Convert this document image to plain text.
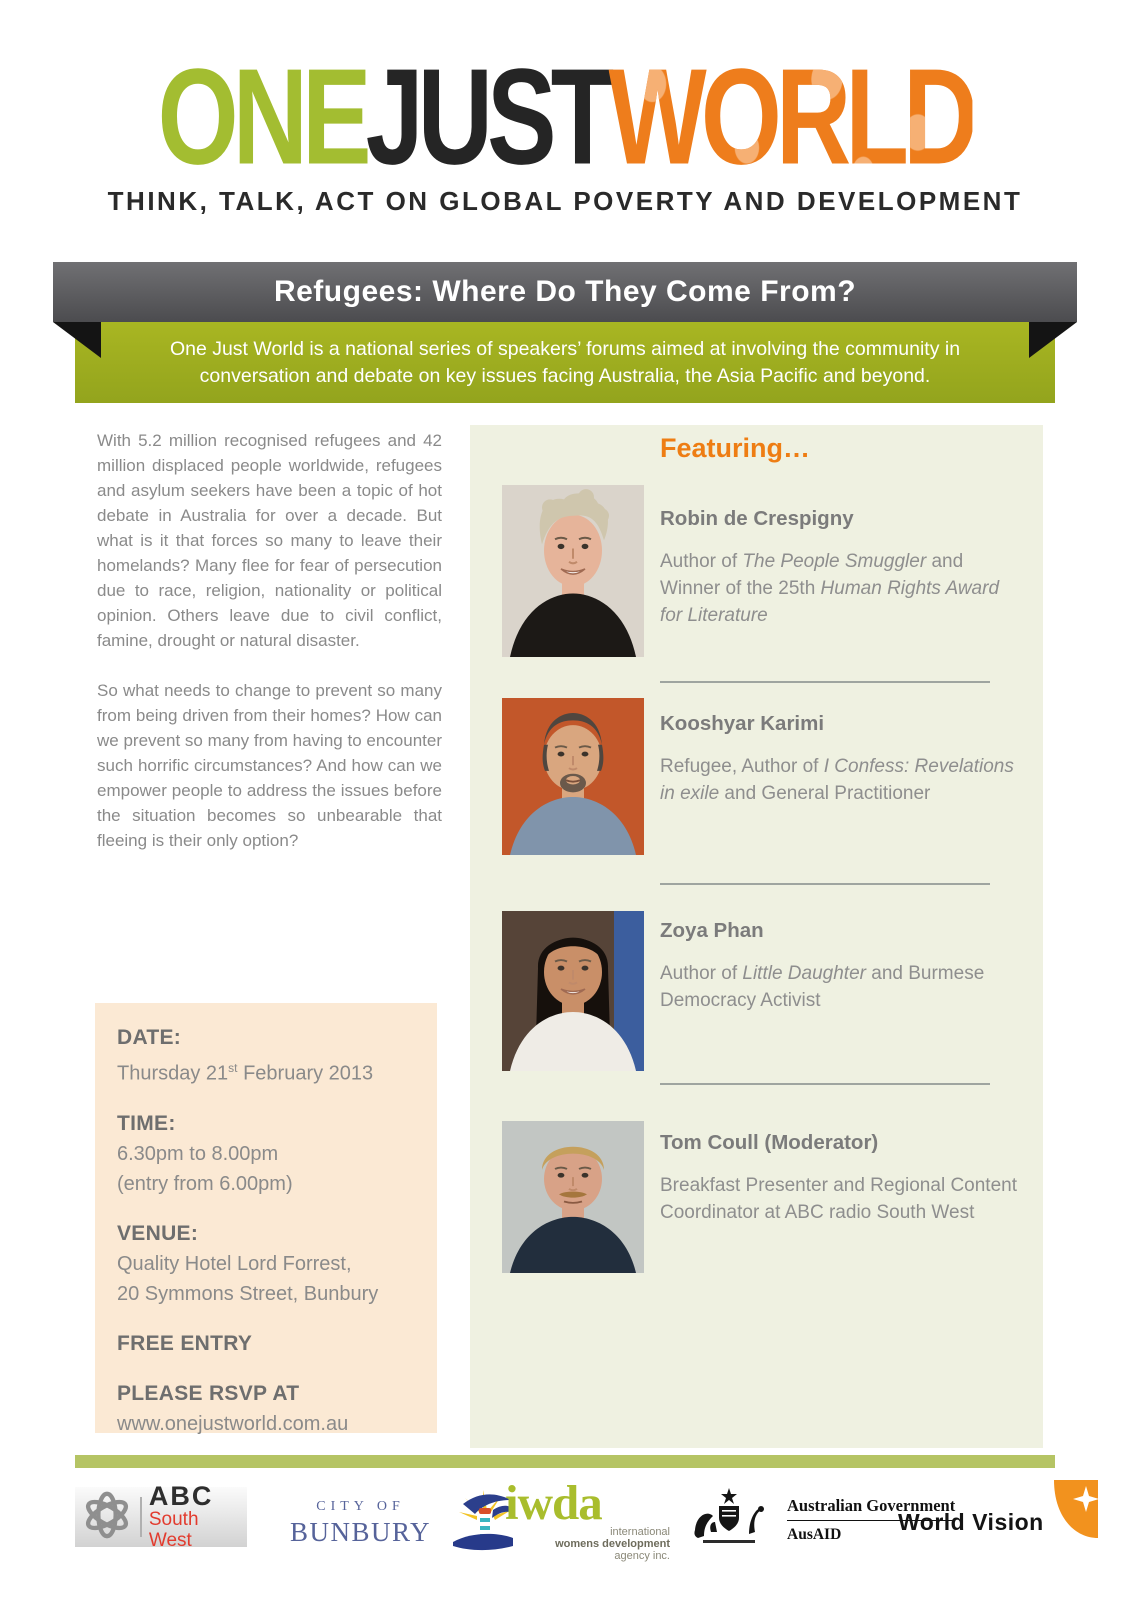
ONEJUSTWORLD
THINK, TALK, ACT ON GLOBAL POVERTY AND DEVELOPMENT
Refugees: Where Do They Come From?
One Just World is a national series of speakers’ forums aimed at involving the community in conversation and debate on key issues facing Australia, the Asia Pacific and beyond.

With 5.2 million recognised refugees and 42 million displaced people worldwide, refugees and asylum seekers have been a topic of hot debate in Australia for over a decade. But what is it that forces so many to leave their homelands? Many flee for fear of persecution due to race, religion, nationality or political opinion. Others leave due to civil conflict, famine, drought or natural disaster.

So what needs to change to prevent so many from being driven from their homes? How can we prevent so many from having to encounter such horrific circumstances? And how can we empower people to address the issues before the situation becomes so unbearable that fleeing is their only option?

DATE:
Thursday 21st February 2013
TIME:
6.30pm to 8.00pm
(entry from 6.00pm)
VENUE:
Quality Hotel Lord Forrest,
20 Symmons Street, Bunbury
FREE ENTRY
PLEASE RSVP AT
www.onejustworld.com.au
Featuring…
Robin de Crespigny
Author of The People Smuggler and Winner of the 25th Human Rights Award for Literature
Kooshyar Karimi
Refugee, Author of I Confess: Revelations in exile and General Practitioner
Zoya Phan
Author of Little Daughter and Burmese Democracy Activist
Tom Coull (Moderator)
Breakfast Presenter and Regional Content Coordinator at ABC radio South West
ABC
South West
CITY OF
BUNBURY
iwda
international
womens development
agency inc.
Australian Government
AusAID	World Vision
